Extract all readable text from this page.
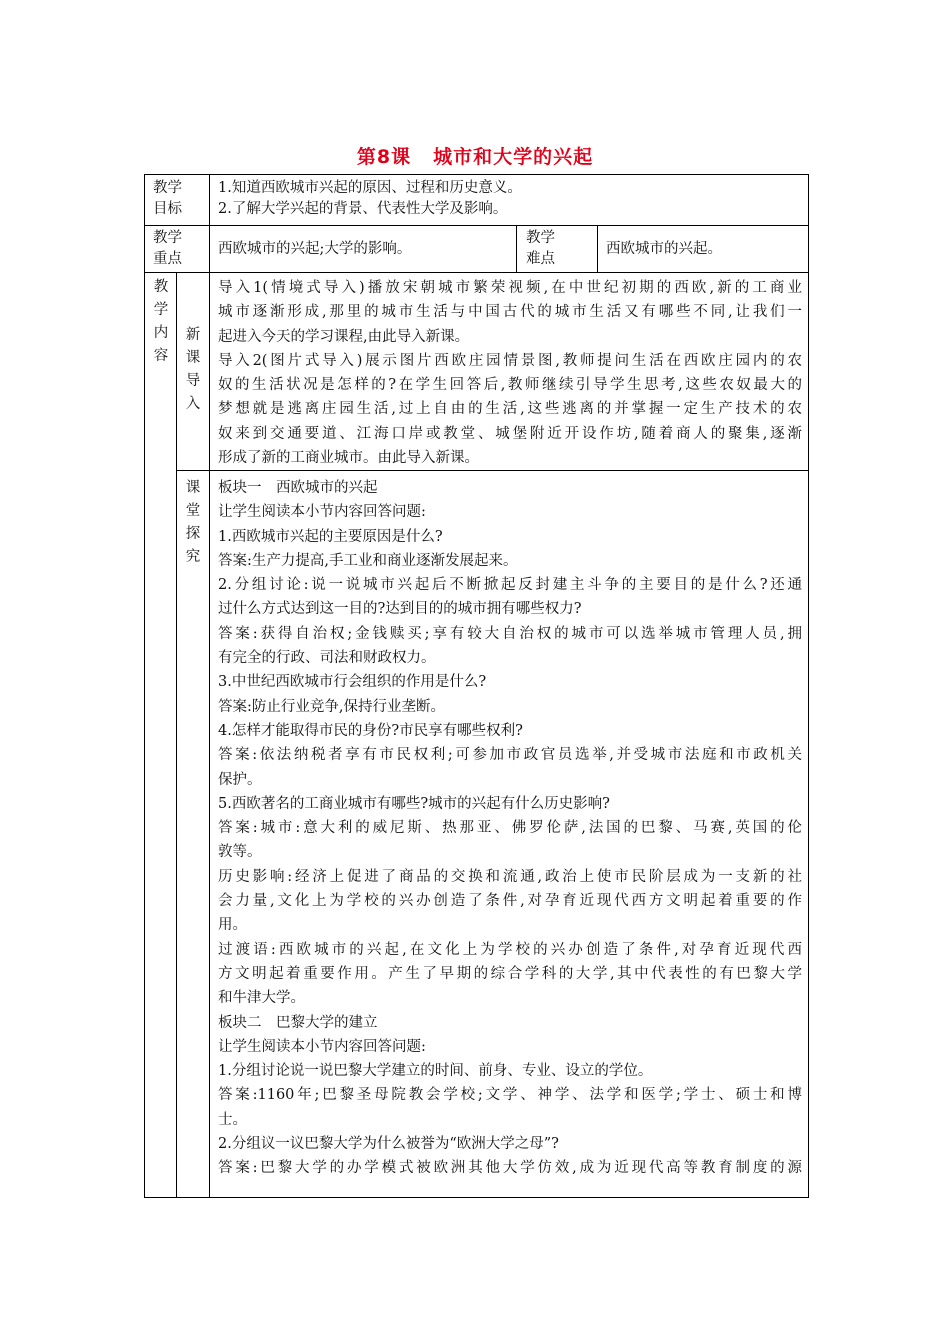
第8课 城市和大学的兴起
教学
目标
1.知道西欧城市兴起的原因、过程和历史意义。
2.了解大学兴起的背景、代表性大学及影响。
教学
重点
西欧城市的兴起;大学的影响。
教学
难点
西欧城市的兴起。
教
学
内
容
新
课
导
入
课
堂
探
究
导入1(情境式导入)播放宋朝城市繁荣视频,在中世纪初期的西欧,新的工商业
城市逐渐形成,那里的城市生活与中国古代的城市生活又有哪些不同,让我们一
起进入今天的学习课程,由此导入新课。
导入2(图片式导入)展示图片西欧庄园情景图,教师提问生活在西欧庄园内的农
奴的生活状况是怎样的?在学生回答后,教师继续引导学生思考,这些农奴最大的
梦想就是逃离庄园生活,过上自由的生活,这些逃离的并掌握一定生产技术的农
奴来到交通要道、江海口岸或教堂、城堡附近开设作坊,随着商人的聚集,逐渐
形成了新的工商业城市。由此导入新课。
板块一　西欧城市的兴起
让学生阅读本小节内容回答问题:
1.西欧城市兴起的主要原因是什么?
答案:生产力提高,手工业和商业逐渐发展起来。
2.分组讨论:说一说城市兴起后不断掀起反封建主斗争的主要目的是什么?还通
过什么方式达到这一目的?达到目的的城市拥有哪些权力?
答案:获得自治权;金钱赎买;享有较大自治权的城市可以选举城市管理人员,拥
有完全的行政、司法和财政权力。
3.中世纪西欧城市行会组织的作用是什么?
答案:防止行业竞争,保持行业垄断。
4.怎样才能取得市民的身份?市民享有哪些权利?
答案:依法纳税者享有市民权利;可参加市政官员选举,并受城市法庭和市政机关
保护。
5.西欧著名的工商业城市有哪些?城市的兴起有什么历史影响?
答案:城市:意大利的威尼斯、热那亚、佛罗伦萨,法国的巴黎、马赛,英国的伦
敦等。
历史影响:经济上促进了商品的交换和流通,政治上使市民阶层成为一支新的社
会力量,文化上为学校的兴办创造了条件,对孕育近现代西方文明起着重要的作
用。
过渡语:西欧城市的兴起,在文化上为学校的兴办创造了条件,对孕育近现代西
方文明起着重要作用。产生了早期的综合学科的大学,其中代表性的有巴黎大学
和牛津大学。
板块二　巴黎大学的建立
让学生阅读本小节内容回答问题:
1.分组讨论说一说巴黎大学建立的时间、前身、专业、设立的学位。
答案:1160年;巴黎圣母院教会学校;文学、神学、法学和医学;学士、硕士和博
士。
2.分组议一议巴黎大学为什么被誉为“欧洲大学之母”?
答案:巴黎大学的办学模式被欧洲其他大学仿效,成为近现代高等教育制度的源
